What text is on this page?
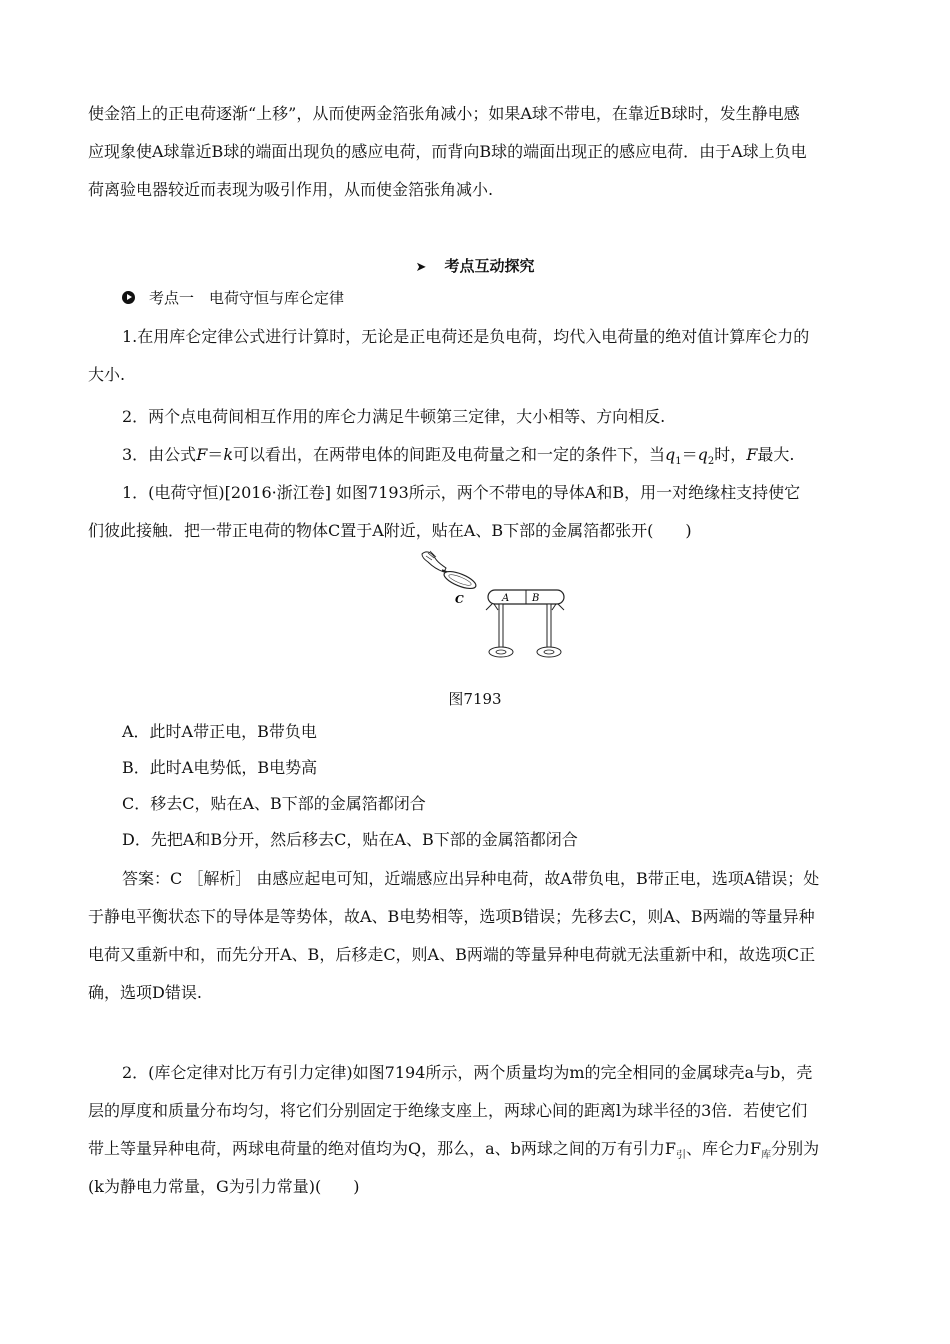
使金箔上的正电荷逐渐“上移”，从而使两金箔张角减小；如果A球不带电，在靠近B球时，发生静电感

应现象使A球靠近B球的端面出现负的感应电荷，而背向B球的端面出现正的感应电荷．由于A球上负电

荷离验电器较近而表现为吸引作用，从而使金箔张角减小.

➤ 考点互动探究
考点一　电荷守恒与库仑定律

1.在用库仑定律公式进行计算时，无论是正电荷还是负电荷，均代入电荷量的绝对值计算库仑力的

大小.

2．两个点电荷间相互作用的库仑力满足牛顿第三定律，大小相等、方向相反.

3．由公式F＝k可以看出，在两带电体的间距及电荷量之和一定的条件下，当$q_1=q_2$时，F最大.

1．(电荷守恒)[2016·浙江卷] 如图7193所示，两个不带电的导体A和B，用一对绝缘柱支持使它

们彼此接触．把一带正电荷的物体C置于A附近，贴在A、B下部的金属箔都张开(　　)

C	A B
图7193
A．此时A带正电，B带负电
B．此时A电势低，B电势高
C．移去C，贴在A、B下部的金属箔都闭合
D．先把A和B分开，然后移去C，贴在A、B下部的金属箔都闭合

答案：C ［解析］ 由感应起电可知，近端感应出异种电荷，故A带负电，B带正电，选项A错误；处

于静电平衡状态下的导体是等势体，故A、B电势相等，选项B错误；先移去C，则A、B两端的等量异种

电荷又重新中和，而先分开A、B，后移走C，则A、B两端的等量异种电荷就无法重新中和，故选项C正

确，选项D错误.

2．(库仑定律对比万有引力定律)如图7194所示，两个质量均为m的完全相同的金属球壳a与b，壳

层的厚度和质量分布均匀，将它们分别固定于绝缘支座上，两球心间的距离l为球半径的3倍．若使它们

带上等量异种电荷，两球电荷量的绝对值均为Q，那么，a、b两球之间的万有引力$F_引$、库仑力$F_库$分别为

(k为静电力常量，G为引力常量)(　　)
